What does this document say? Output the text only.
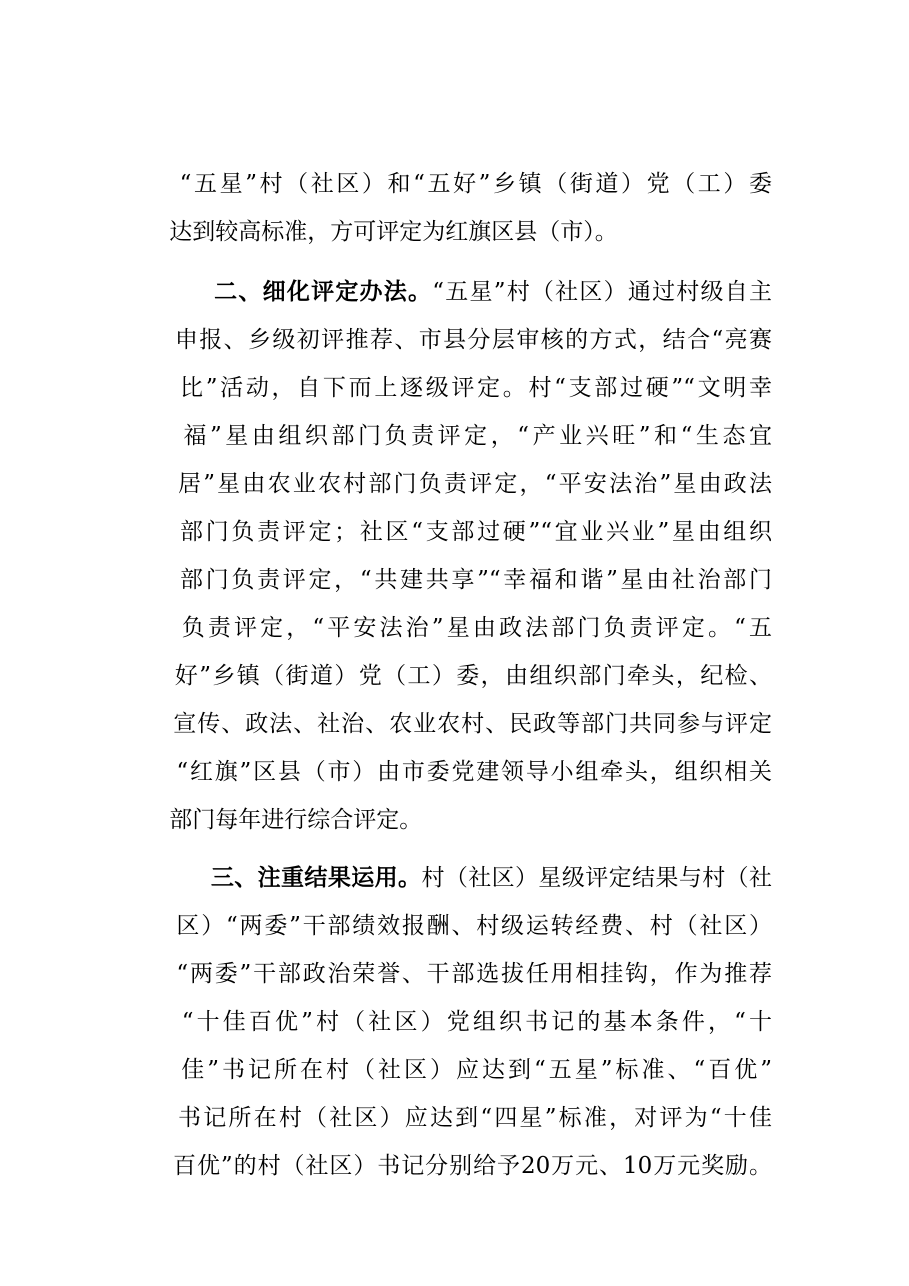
“五星”村（社区）和“五好”乡镇（街道）党（工）委

达到较高标准，方可评定为红旗区县（市）。

二、细化评定办法。“五星”村（社区）通过村级自主

申报、乡级初评推荐、市县分层审核的方式，结合“亮赛

比”活动，自下而上逐级评定。村“支部过硬”“文明幸

福”星由组织部门负责评定，“产业兴旺”和“生态宜

居”星由农业农村部门负责评定，“平安法治”星由政法

部门负责评定；社区“支部过硬”“宜业兴业”星由组织

部门负责评定，“共建共享”“幸福和谐”星由社治部门

负责评定，“平安法治”星由政法部门负责评定。“五

好”乡镇（街道）党（工）委，由组织部门牵头，纪检、

宣传、政法、社治、农业农村、民政等部门共同参与评定

“红旗”区县（市）由市委党建领导小组牵头，组织相关

部门每年进行综合评定。

三、注重结果运用。村（社区）星级评定结果与村（社

区）“两委”干部绩效报酬、村级运转经费、村（社区）

“两委”干部政治荣誉、干部选拔任用相挂钩，作为推荐

“十佳百优”村（社区）党组织书记的基本条件，“十

佳”书记所在村（社区）应达到“五星”标准、“百优”

书记所在村（社区）应达到“四星”标准，对评为“十佳

百优”的村（社区）书记分别给予20万元、10万元奖励。
